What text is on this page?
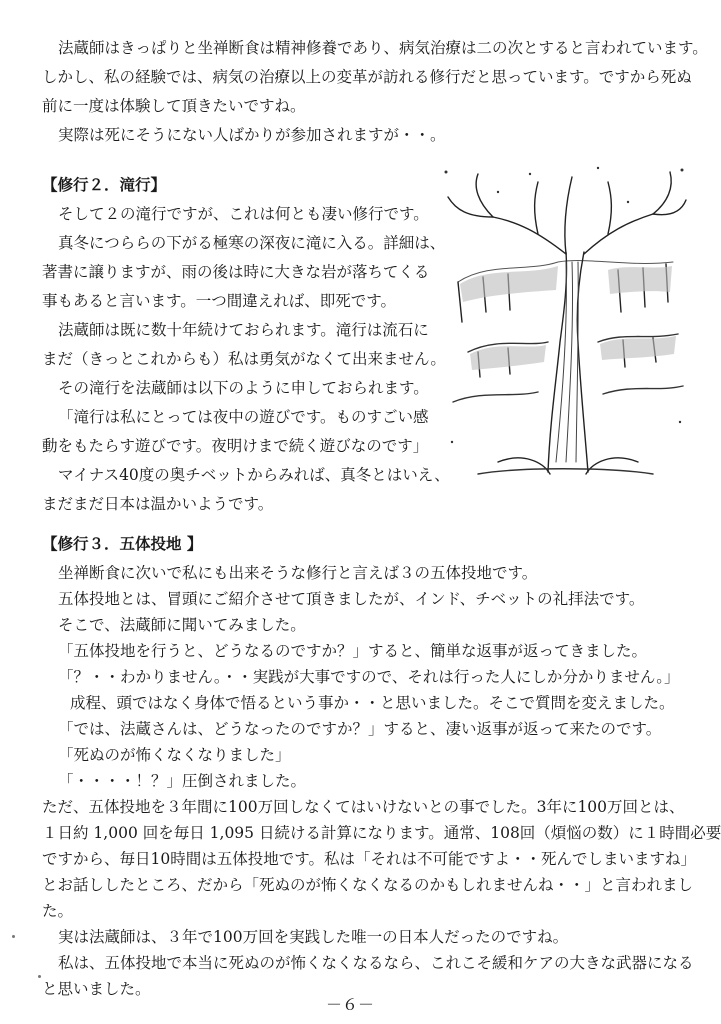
法蔵師はきっぱりと坐禅断食は精神修養であり、病気治療は二の次とすると言われています。

しかし、私の経験では、病気の治療以上の変革が訪れる修行だと思っています。ですから死ぬ

前に一度は体験して頂きたいですね。

実際は死にそうにない人ばかりが参加されますが・・。

【修行２．滝行】

そして２の滝行ですが、これは何とも凄い修行です。

真冬につららの下がる極寒の深夜に滝に入る。詳細は、

著書に譲りますが、雨の後は時に大きな岩が落ちてくる

事もあると言います。一つ間違えれば、即死です。

法蔵師は既に数十年続けておられます。滝行は流石に

まだ（きっとこれからも）私は勇気がなくて出来ません。

その滝行を法蔵師は以下のように申しておられます。

「滝行は私にとっては夜中の遊びです。ものすごい感

動をもたらす遊びです。夜明けまで続く遊びなのです」

マイナス40度の奥チベットからみれば、真冬とはいえ、

まだまだ日本は温かいようです。

【修行３．五体投地 】

坐禅断食に次いで私にも出来そうな修行と言えば３の五体投地です。

五体投地とは、冒頭にご紹介させて頂きましたが、インド、チベットの礼拝法です。

そこで、法蔵師に聞いてみました。

「五体投地を行うと、どうなるのですか？」すると、簡単な返事が返ってきました。

「？・・わかりません。・・実践が大事ですので、それは行った人にしか分かりません。」

成程、頭ではなく身体で悟るという事か・・と思いました。そこで質問を変えました。

「では、法蔵さんは、どうなったのですか？」すると、凄い返事が返って来たのです。

「死ぬのが怖くなくなりました」

「・・・・！？」圧倒されました。

ただ、五体投地を３年間に100万回しなくてはいけないとの事でした。3年に100万回とは、

１日約 1,000 回を毎日 1,095 日続ける計算になります。通常、108回（煩悩の数）に１時間必要

ですから、毎日10時間は五体投地です。私は「それは不可能ですよ・・死んでしまいますね」

とお話ししたところ、だから「死ぬのが怖くなくなるのかもしれませんね・・」と言われまし

－６－

た。

実は法蔵師は、３年で100万回を実践した唯一の日本人だったのですね。

私は、五体投地で本当に死ぬのが怖くなくなるなら、これこそ緩和ケアの大きな武器になる

と思いました。
